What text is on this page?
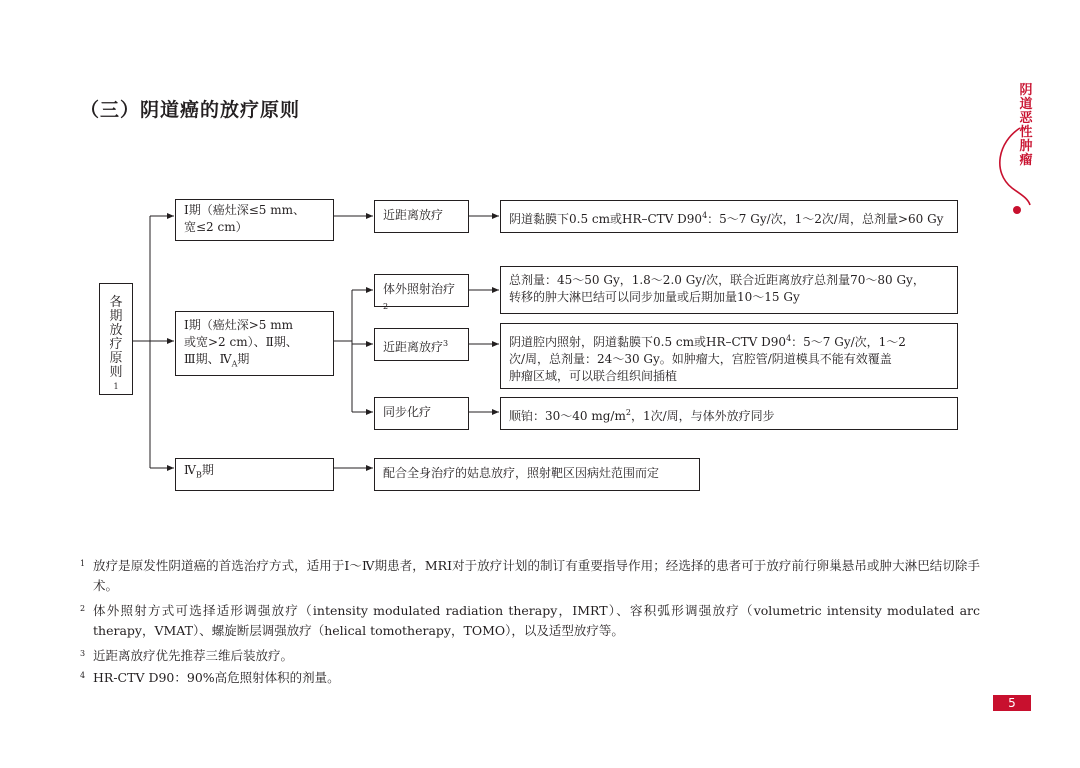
（三）阴道癌的放疗原则
阴道恶性肿瘤
各期放疗原则
$^1$
Ⅰ期（癌灶深≤5 mm、
宽≤2 cm）
Ⅰ期（癌灶深>5 mm
或宽>2 cm）、Ⅱ期、
Ⅲ期、$Ⅳ_A$期
$Ⅳ_B$期
近距离放疗
体外照射治疗$^2$
近距离放疗$^3$
同步化疗
配合全身治疗的姑息放疗，照射靶区因病灶范围而定
阴道黏膜下0.5 cm或HR–CTV $D90^4$：5～7 Gy/次，1～2次/周，总剂量>60 Gy
总剂量：45～50 Gy，1.8～2.0 Gy/次，联合近距离放疗总剂量70～80 Gy，
转移的肿大淋巴结可以同步加量或后期加量10～15 Gy
阴道腔内照射，阴道黏膜下0.5 cm或HR–CTV $D90^4$：5～7 Gy/次，1～2
次/周，总剂量：24～30 Gy。如肿瘤大，宫腔管/阴道模具不能有效覆盖
肿瘤区域，可以联合组织间插植
顺铂：30～40 $mg/m^2$，1次/周，与体外放疗同步
1 放疗是原发性阴道癌的首选治疗方式，适用于Ⅰ～Ⅳ期患者，MRI对于放疗计划的制订有重要指导作用；经选择的患者可于放疗前行卵巢悬吊或肿大淋巴结切除手术。
2 体外照射方式可选择适形调强放疗（intensity modulated radiation therapy，IMRT）、容积弧形调强放疗（volumetric intensity modulated arc therapy，VMAT）、螺旋断层调强放疗（helical tomotherapy，TOMO），以及适型放疗等。
3 近距离放疗优先推荐三维后装放疗。
4 HR-CTV D90：90%高危照射体积的剂量。
5
